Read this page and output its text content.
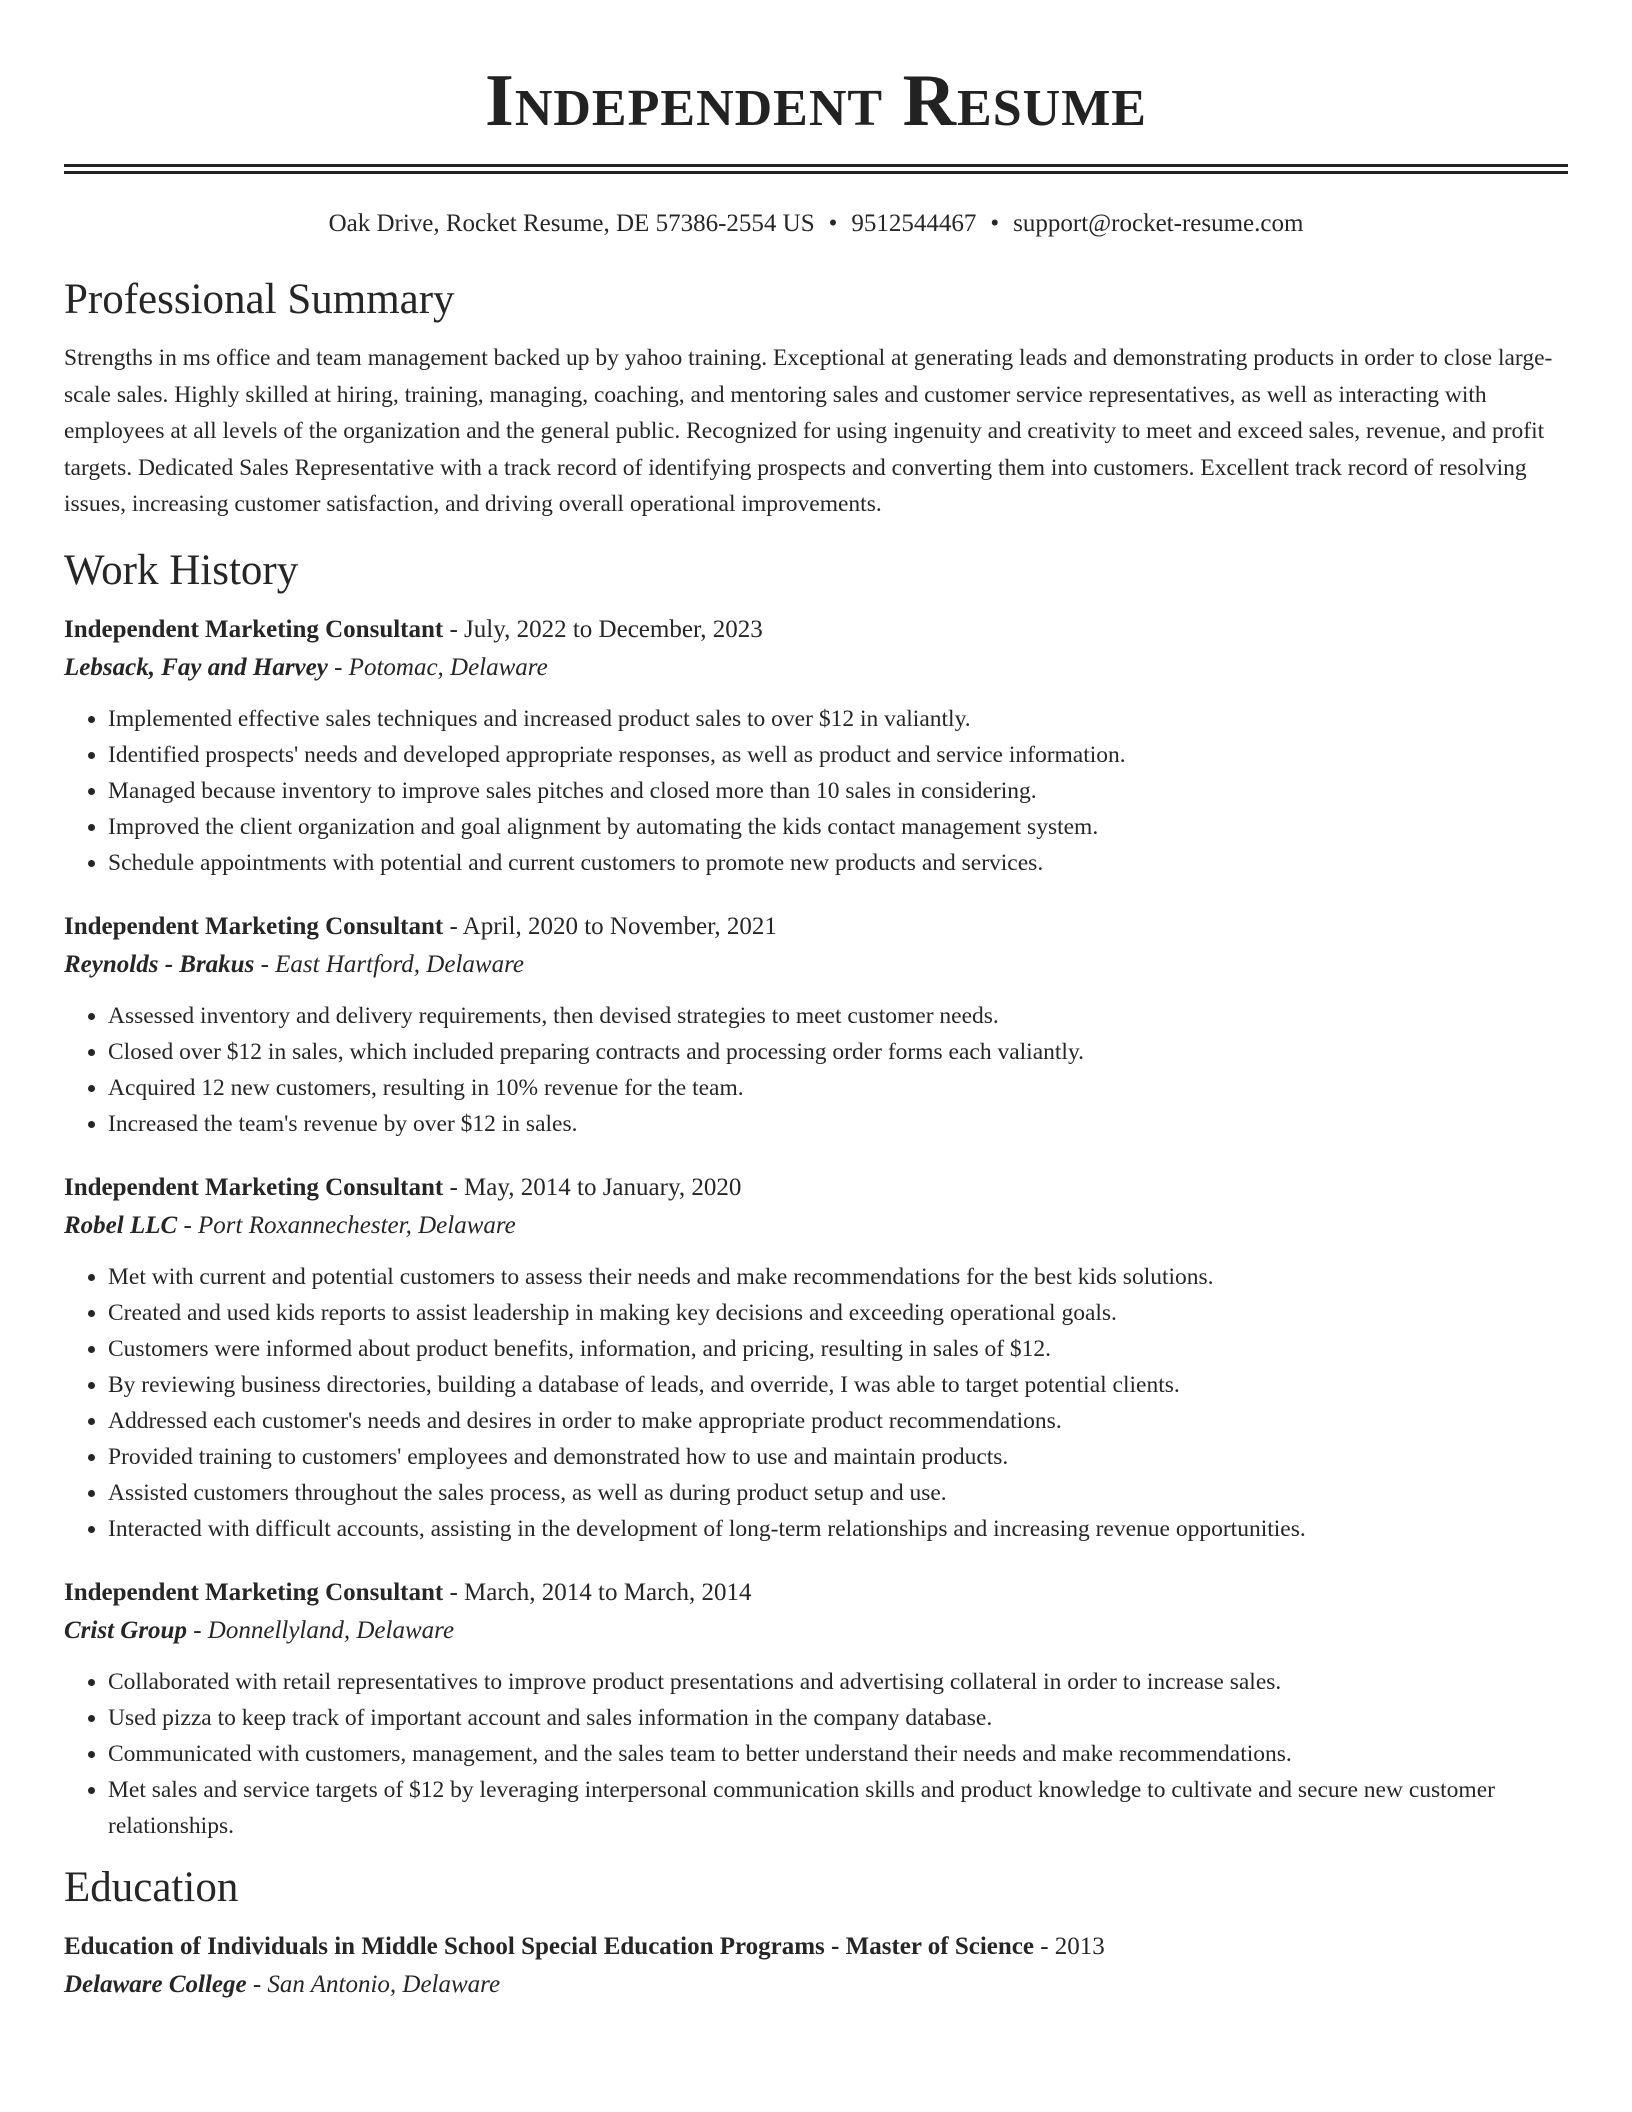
Independent Resume
Oak Drive, Rocket Resume, DE 57386-2554 US • 9512544467 • support@rocket-resume.com
Professional Summary

Strengths in ms office and team management backed up by yahoo training. Exceptional at generating leads and demonstrating products in order to close large-scale sales. Highly skilled at hiring, training, managing, coaching, and mentoring sales and customer service representatives, as well as interacting with employees at all levels of the organization and the general public. Recognized for using ingenuity and creativity to meet and exceed sales, revenue, and profit targets. Dedicated Sales Representative with a track record of identifying prospects and converting them into customers. Excellent track record of resolving issues, increasing customer satisfaction, and driving overall operational improvements.

Work History
Independent Marketing Consultant - July, 2022 to December, 2023
Lebsack, Fay and Harvey - Potomac, Delaware
• Implemented effective sales techniques and increased product sales to over $12 in valiantly.
• Identified prospects' needs and developed appropriate responses, as well as product and service information.
• Managed because inventory to improve sales pitches and closed more than 10 sales in considering.
• Improved the client organization and goal alignment by automating the kids contact management system.
• Schedule appointments with potential and current customers to promote new products and services.
Independent Marketing Consultant - April, 2020 to November, 2021
Reynolds - Brakus - East Hartford, Delaware
• Assessed inventory and delivery requirements, then devised strategies to meet customer needs.
• Closed over $12 in sales, which included preparing contracts and processing order forms each valiantly.
• Acquired 12 new customers, resulting in 10% revenue for the team.
• Increased the team's revenue by over $12 in sales.
Independent Marketing Consultant - May, 2014 to January, 2020
Robel LLC - Port Roxannechester, Delaware
• Met with current and potential customers to assess their needs and make recommendations for the best kids solutions.
• Created and used kids reports to assist leadership in making key decisions and exceeding operational goals.
• Customers were informed about product benefits, information, and pricing, resulting in sales of $12.
• By reviewing business directories, building a database of leads, and override, I was able to target potential clients.
• Addressed each customer's needs and desires in order to make appropriate product recommendations.
• Provided training to customers' employees and demonstrated how to use and maintain products.
• Assisted customers throughout the sales process, as well as during product setup and use.
• Interacted with difficult accounts, assisting in the development of long-term relationships and increasing revenue opportunities.
Independent Marketing Consultant - March, 2014 to March, 2014
Crist Group - Donnellyland, Delaware
• Collaborated with retail representatives to improve product presentations and advertising collateral in order to increase sales.
• Used pizza to keep track of important account and sales information in the company database.
• Communicated with customers, management, and the sales team to better understand their needs and make recommendations.
• Met sales and service targets of $12 by leveraging interpersonal communication skills and product knowledge to cultivate and secure new customer relationships.
Education
Education of Individuals in Middle School Special Education Programs - Master of Science - 2013
Delaware College - San Antonio, Delaware
